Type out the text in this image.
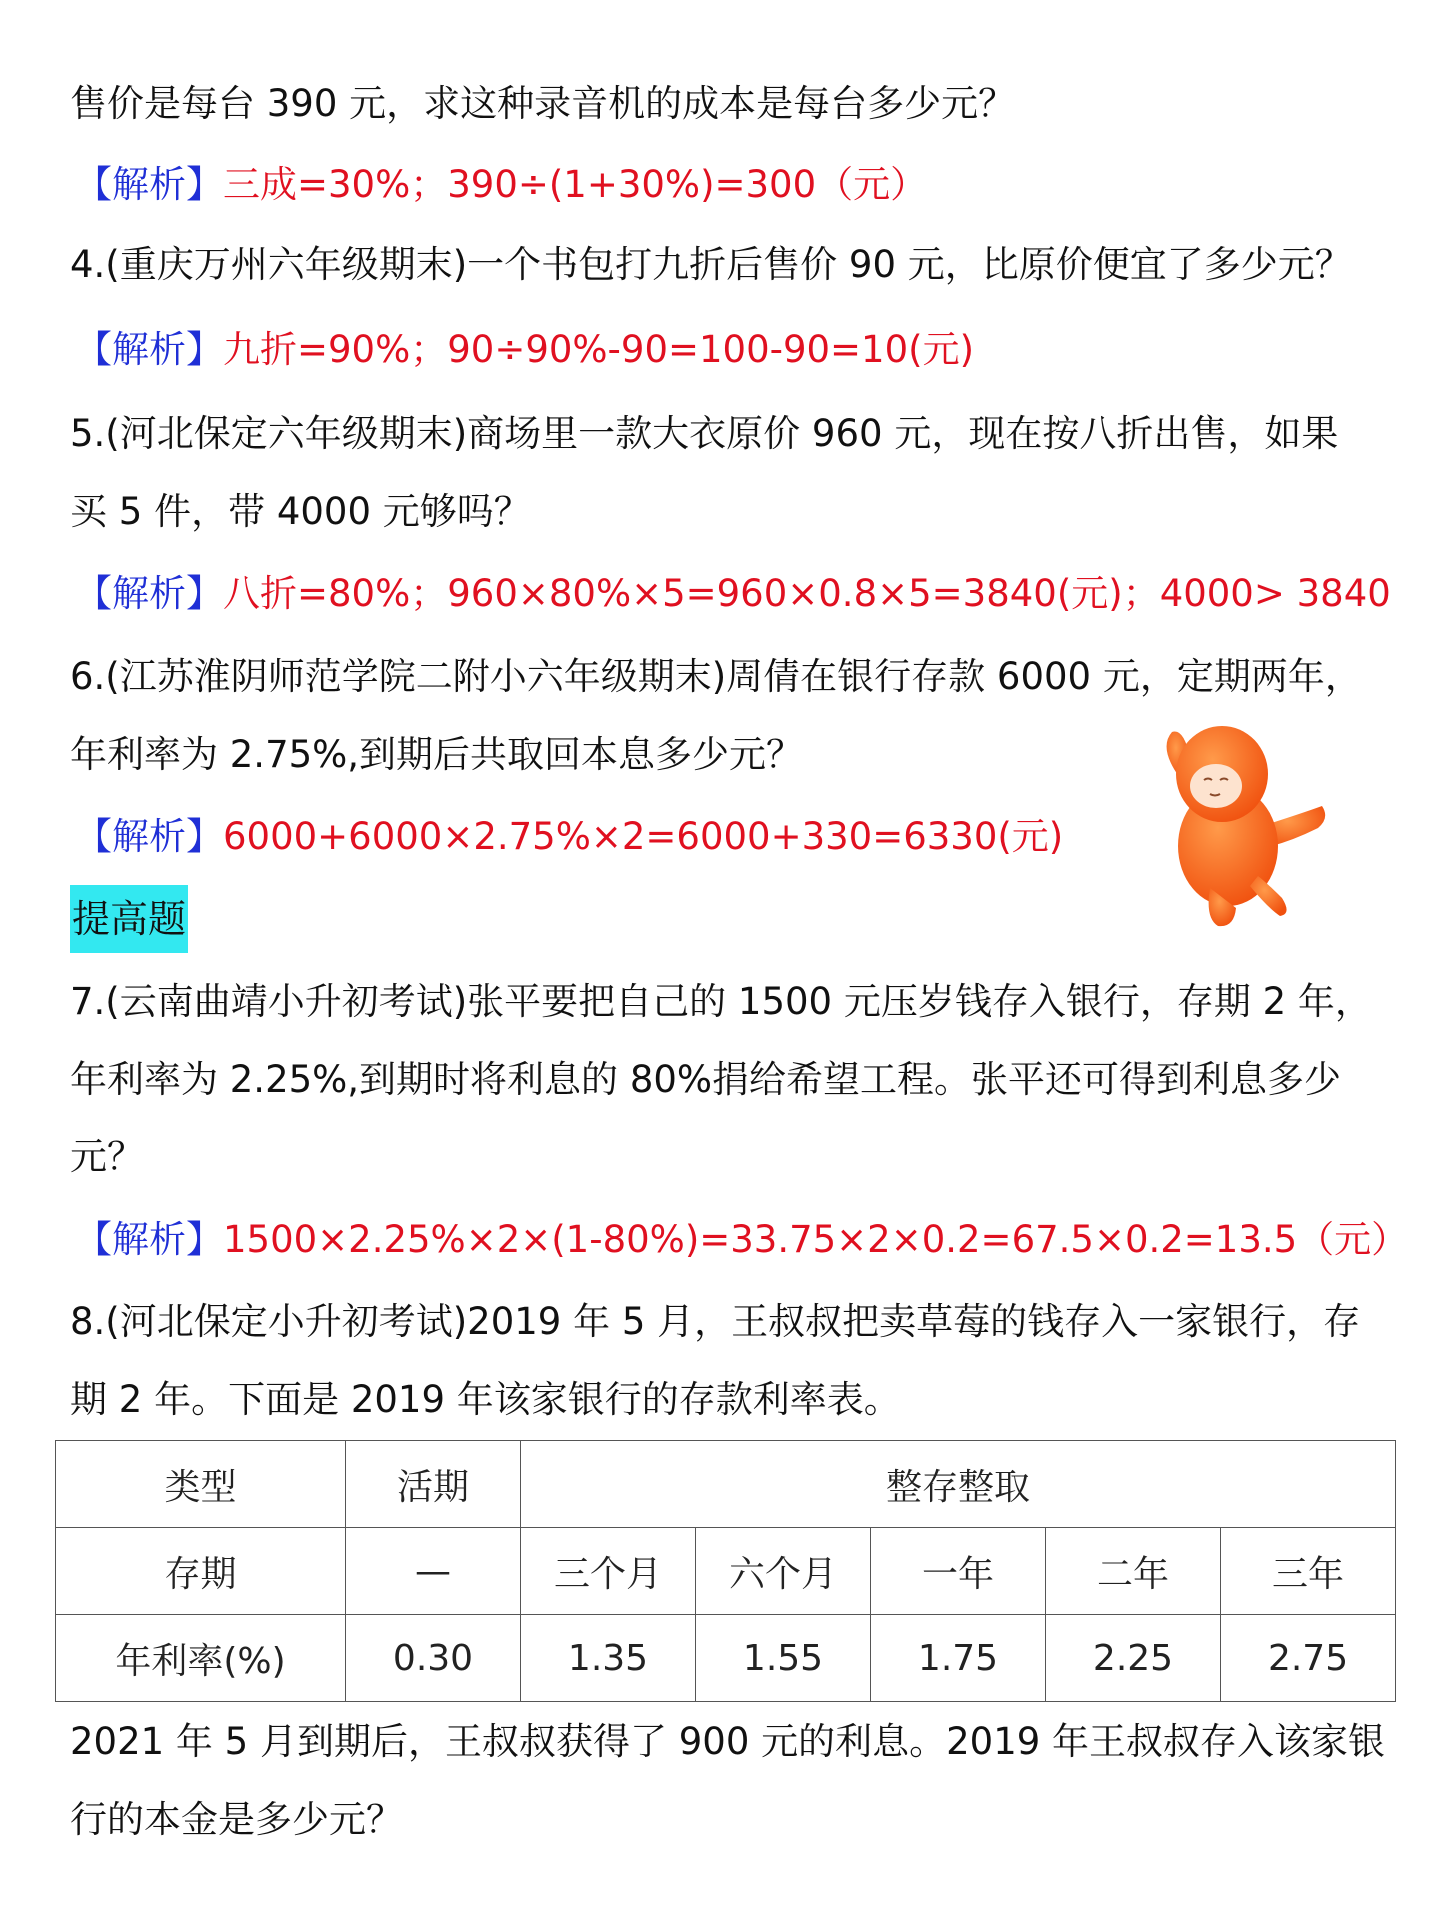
售价是每台 390 元，求这种录音机的成本是每台多少元？

【解析】三成=30%；390÷(1+30%)=300（元）

4.(重庆万州六年级期末)一个书包打九折后售价 90 元，比原价便宜了多少元？

【解析】九折=90%；90÷90%-90=100-90=10(元)

5.(河北保定六年级期末)商场里一款大衣原价 960 元，现在按八折出售，如果

买 5 件，带 4000 元够吗？

【解析】八折=80%；960×80%×5=960×0.8×5=3840(元)；4000> 3840

6.(江苏淮阴师范学院二附小六年级期末)周倩在银行存款 6000 元，定期两年，

年利率为 2.75%,到期后共取回本息多少元？

【解析】6000+6000×2.75%×2=6000+330=6330(元)

提高题

7.(云南曲靖小升初考试)张平要把自己的 1500 元压岁钱存入银行，存期 2 年，

年利率为 2.25%,到期时将利息的 80%捐给希望工程。张平还可得到利息多少

元？

【解析】1500×2.25%×2×(1-80%)=33.75×2×0.2=67.5×0.2=13.5（元）

8.(河北保定小升初考试)2019 年 5 月，王叔叔把卖草莓的钱存入一家银行，存

期 2 年。下面是 2019 年该家银行的存款利率表。

类型	活期	整存整取				
存期	—	三个月	六个月	一年	二年	三年
年利率(%)	0.30	1.35	1.55	1.75	2.25	2.75

2021 年 5 月到期后，王叔叔获得了 900 元的利息。2019 年王叔叔存入该家银

行的本金是多少元？
